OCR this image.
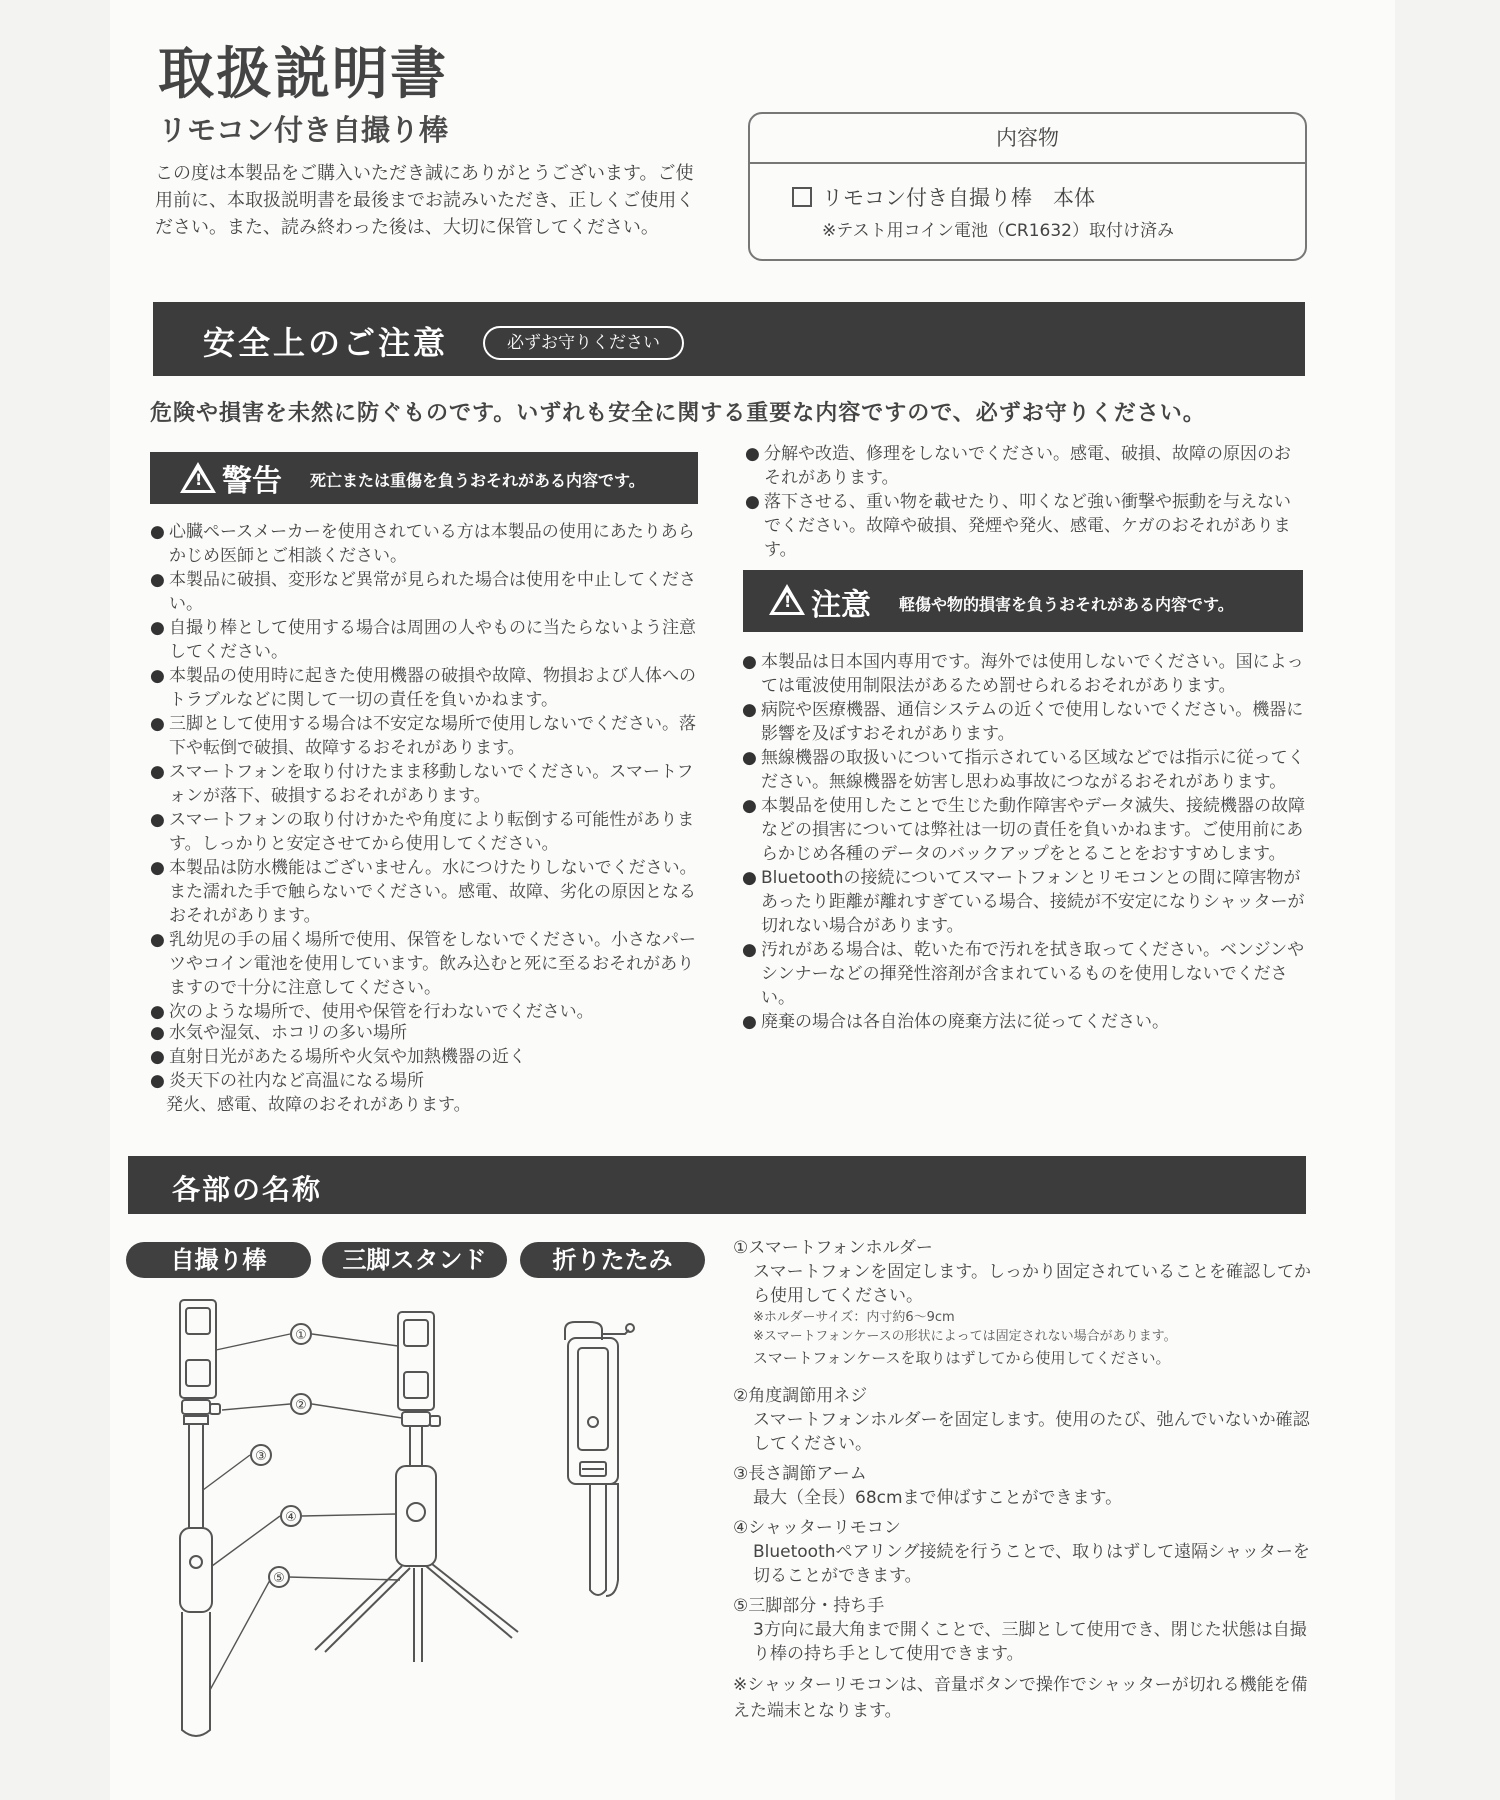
取扱説明書
リモコン付き自撮り棒
この度は本製品をご購入いただき誠にありがとうございます。ご使用前に、本取扱説明書を最後までお読みいただき、正しくご使用ください。また、読み終わった後は、大切に保管してください。
内容物
リモコン付き自撮り棒　本体
※テスト用コイン電池（CR1632）取付け済み
安全上のご注意	必ずお守りください
危険や損害を未然に防ぐものです。いずれも安全に関する重要な内容ですので、必ずお守りください。
! 警告 死亡または重傷を負うおそれがある内容です。
● 心臓ペースメーカーを使用されている方は本製品の使用にあたりあらかじめ医師とご相談ください。
● 本製品に破損、変形など異常が見られた場合は使用を中止してください。
● 自撮り棒として使用する場合は周囲の人やものに当たらないよう注意してください。
● 本製品の使用時に起きた使用機器の破損や故障、物損および人体へのトラブルなどに関して一切の責任を負いかねます。
● 三脚として使用する場合は不安定な場所で使用しないでください。落下や転倒で破損、故障するおそれがあります。
● スマートフォンを取り付けたまま移動しないでください。スマートフォンが落下、破損するおそれがあります。
● スマートフォンの取り付けかたや角度により転倒する可能性があります。しっかりと安定させてから使用してください。
● 本製品は防水機能はございません。水につけたりしないでください。また濡れた手で触らないでください。感電、故障、劣化の原因となるおそれがあります。
● 乳幼児の手の届く場所で使用、保管をしないでください。小さなパーツやコイン電池を使用しています。飲み込むと死に至るおそれがありますので十分に注意してください。
● 次のような場所で、使用や保管を行わないでください。
● 水気や湿気、ホコリの多い場所
● 直射日光があたる場所や火気や加熱機器の近く
● 炎天下の社内など高温になる場所
発火、感電、故障のおそれがあります。
● 分解や改造、修理をしないでください。感電、破損、故障の原因のおそれがあります。
● 落下させる、重い物を載せたり、叩くなど強い衝撃や振動を与えないでください。故障や破損、発煙や発火、感電、ケガのおそれがあります。
! 注意 軽傷や物的損害を負うおそれがある内容です。
● 本製品は日本国内専用です。海外では使用しないでください。国によっては電波使用制限法があるため罰せられるおそれがあります。
● 病院や医療機器、通信システムの近くで使用しないでください。機器に影響を及ぼすおそれがあります。
● 無線機器の取扱いについて指示されている区域などでは指示に従ってください。無線機器を妨害し思わぬ事故につながるおそれがあります。
● 本製品を使用したことで生じた動作障害やデータ滅失、接続機器の故障などの損害については弊社は一切の責任を負いかねます。ご使用前にあらかじめ各種のデータのバックアップをとることをおすすめします。
● Bluetoothの接続についてスマートフォンとリモコンとの間に障害物があったり距離が離れすぎている場合、接続が不安定になりシャッターが切れない場合があります。
● 汚れがある場合は、乾いた布で汚れを拭き取ってください。ベンジンやシンナーなどの揮発性溶剤が含まれているものを使用しないでください。
● 廃棄の場合は各自治体の廃棄方法に従ってください。
各部の名称
自撮り棒	三脚スタンド	折りたたみ
①
②
③
④
⑤
①スマートフォンホルダー
スマートフォンを固定します。しっかり固定されていることを確認してから使用してください。
※ホルダーサイズ：内寸約6～9cm
※スマートフォンケースの形状によっては固定されない場合があります。
スマートフォンケースを取りはずしてから使用してください。
②角度調節用ネジ
スマートフォンホルダーを固定します。使用のたび、弛んでいないか確認してください。
③長さ調節アーム
最大（全長）68cmまで伸ばすことができます。
④シャッターリモコン
Bluetoothペアリング接続を行うことで、取りはずして遠隔シャッターを切ることができます。
⑤三脚部分・持ち手
3方向に最大角まで開くことで、三脚として使用でき、閉じた状態は自撮り棒の持ち手として使用できます。
※シャッターリモコンは、音量ボタンで操作でシャッターが切れる機能を備えた端末となります。
